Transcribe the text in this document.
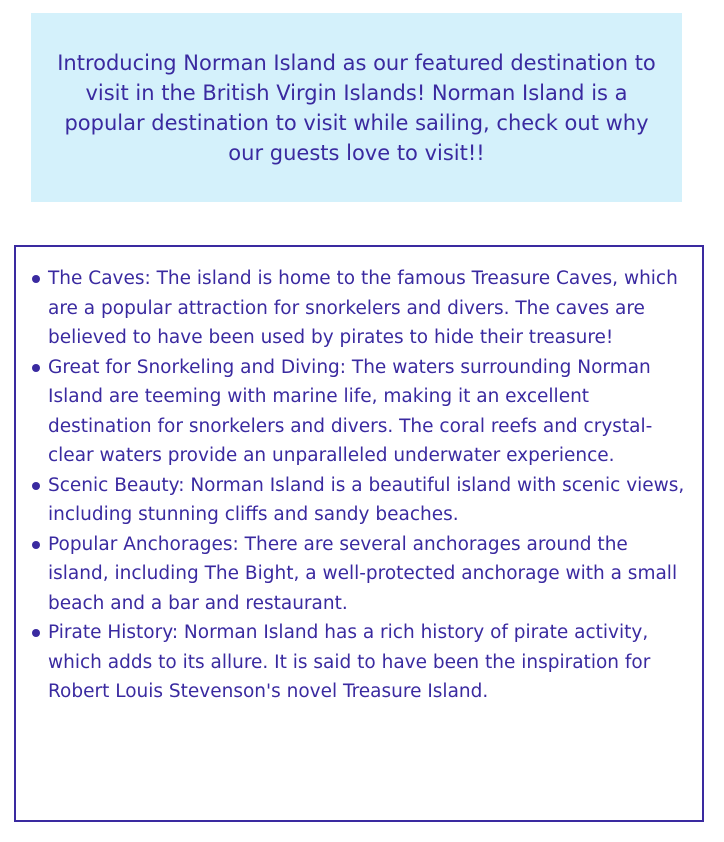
Introducing Norman Island as our featured destination to visit in the British Virgin Islands! Norman Island is a popular destination to visit while sailing, check out why our guests love to visit!!

The Caves: The island is home to the famous Treasure Caves, which are a popular attraction for snorkelers and divers. The caves are believed to have been used by pirates to hide their treasure!
Great for Snorkeling and Diving: The waters surrounding Norman Island are teeming with marine life, making it an excellent destination for snorkelers and divers. The coral reefs and crystal-clear waters provide an unparalleled underwater experience.
Scenic Beauty: Norman Island is a beautiful island with scenic views, including stunning cliffs and sandy beaches.
Popular Anchorages: There are several anchorages around the island, including The Bight, a well-protected anchorage with a small beach and a bar and restaurant.
Pirate History: Norman Island has a rich history of pirate activity, which adds to its allure. It is said to have been the inspiration for Robert Louis Stevenson's novel Treasure Island.
